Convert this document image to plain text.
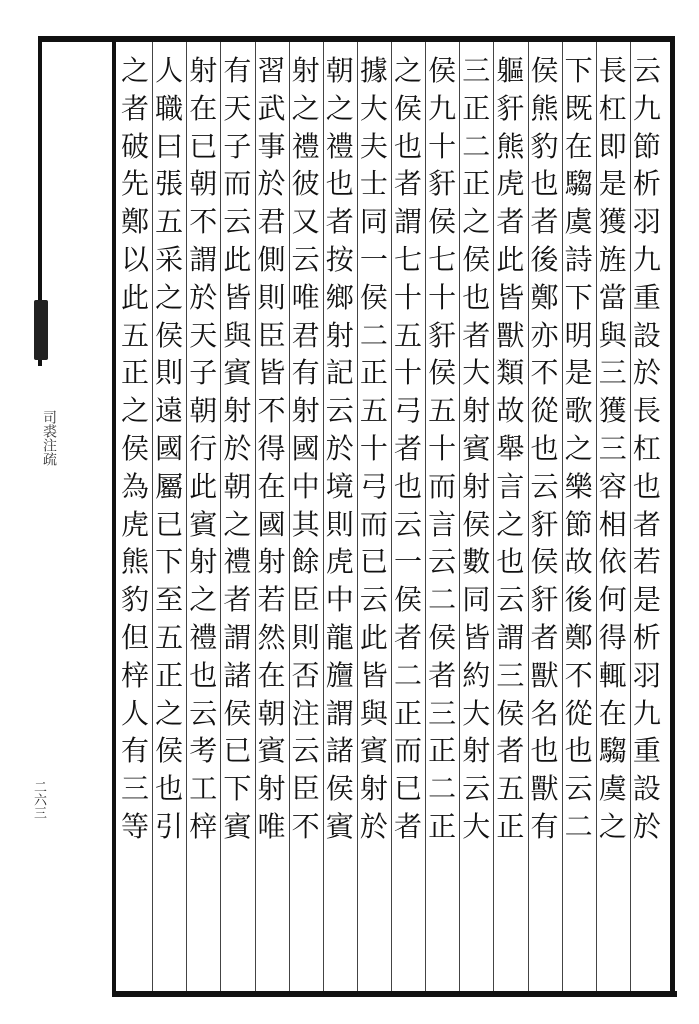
司裘注疏
二六三
云
九
節
析
羽
九
重
設
於
長
杠
也
者
若
是
析
羽
九
重
設
於
長
杠
即
是
獲
旌
當
與
三
獲
三
容
相
依
何
得
輒
在
騶
虞
之
下
既
在
騶
虞
詩
下
明
是
歌
之
樂
節
故
後
鄭
不
從
也
云
二
侯
熊
豹
也
者
後
鄭
亦
不
從
也
云
豻
侯
豻
者
獸
名
也
獸
有
軀
豻
熊
虎
者
此
皆
獸
類
故
舉
言
之
也
云
謂
三
侯
者
五
正
三
正
二
正
之
侯
也
者
大
射
賓
射
侯
數
同
皆
約
大
射
云
大
侯
九
十
豻
侯
七
十
豻
侯
五
十
而
言
云
二
侯
者
三
正
二
正
之
侯
也
者
謂
七
十
五
十
弓
者
也
云
一
侯
者
二
正
而
已
者
據
大
夫
士
同
一
侯
二
正
五
十
弓
而
已
云
此
皆
與
賓
射
於
朝
之
禮
也
者
按
鄉
射
記
云
於
境
則
虎
中
龍
旜
謂
諸
侯
賓
射
之
禮
彼
又
云
唯
君
有
射
國
中
其
餘
臣
則
否
注
云
臣
不
習
武
事
於
君
側
則
臣
皆
不
得
在
國
射
若
然
在
朝
賓
射
唯
有
天
子
而
云
此
皆
與
賓
射
於
朝
之
禮
者
謂
諸
侯
已
下
賓
射
在
已
朝
不
謂
於
天
子
朝
行
此
賓
射
之
禮
也
云
考
工
梓
人
職
曰
張
五
采
之
侯
則
遠
國
屬
已
下
至
五
正
之
侯
也
引
之
者
破
先
鄭
以
此
五
正
之
侯
為
虎
熊
豹
但
梓
人
有
三
等
